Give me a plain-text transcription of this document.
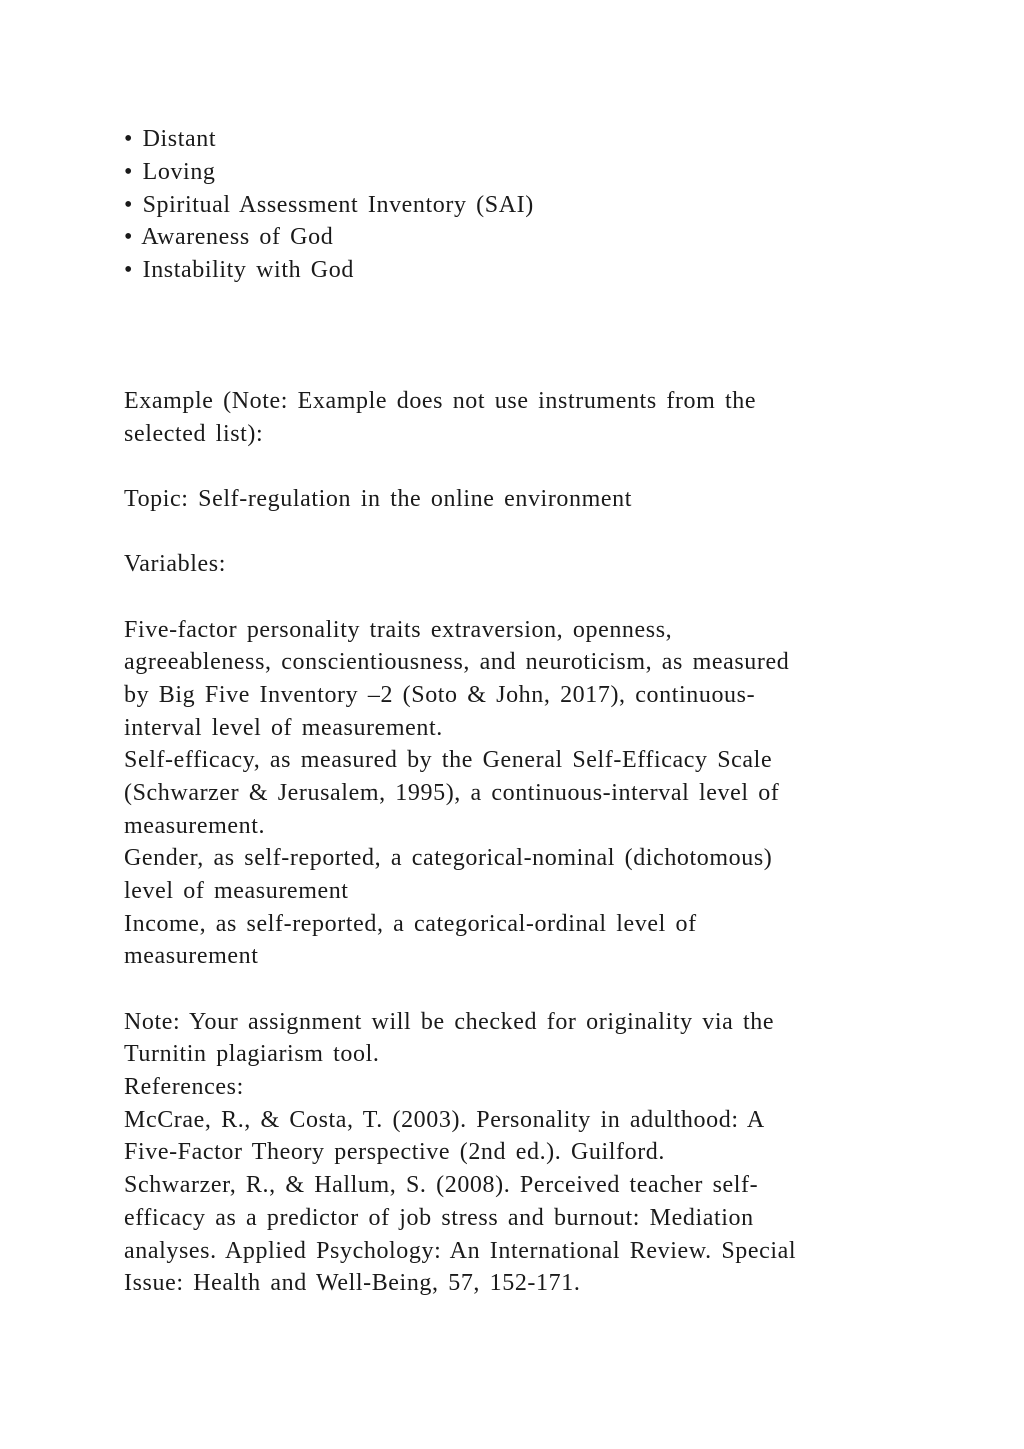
• Distant
• Loving
• Spiritual Assessment Inventory (SAI)
• Awareness of God
• Instability with God
Example (Note: Example does not use instruments from the
selected list):
Topic: Self-regulation in the online environment
Variables:
Five-factor personality traits extraversion, openness,
agreeableness, conscientiousness, and neuroticism, as measured
by Big Five Inventory –2 (Soto & John, 2017), continuous-
interval level of measurement.
Self-efficacy, as measured by the General Self-Efficacy Scale
(Schwarzer & Jerusalem, 1995), a continuous-interval level of
measurement.
Gender, as self-reported, a categorical-nominal (dichotomous)
level of measurement
Income, as self-reported, a categorical-ordinal level of
measurement
Note: Your assignment will be checked for originality via the
Turnitin plagiarism tool.
References:
McCrae, R., & Costa, T. (2003). Personality in adulthood: A
Five-Factor Theory perspective (2nd ed.). Guilford.
Schwarzer, R., & Hallum, S. (2008). Perceived teacher self-
efficacy as a predictor of job stress and burnout: Mediation
analyses. Applied Psychology: An International Review. Special
Issue: Health and Well-Being, 57, 152-171.
